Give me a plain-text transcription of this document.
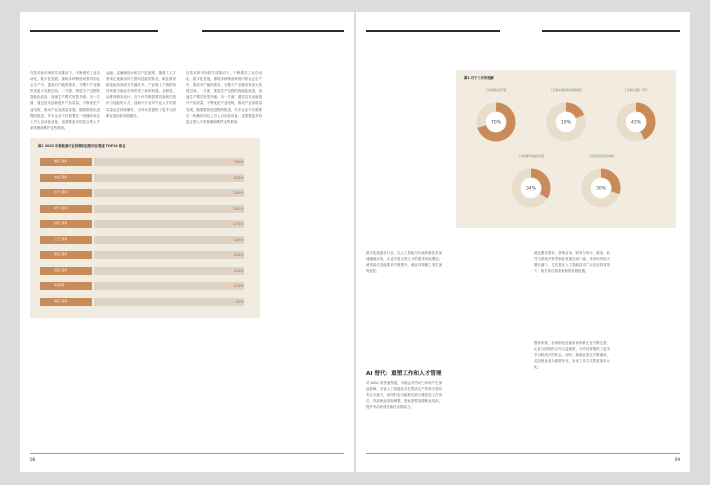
在技术和市场的共同推动下，不断增长工业自动化、数字化发展，重构多种制造场景内的社会生产中，提高对产能的需求，为整个产业链带来更大发展空间。一方面，推进生产过程的智能化改造，加速生产模式转型升级；另一方面，通过技术创新提升产品质量，不断优化产业结构，推动产业高质量发展。随着数智化进程的推进，许多企业不仅需要在一线操作岗位上引入自动化设备，也需要更多的复合型人才来管理和维护这些系统。
金融，以确保设计和生产匹配度。随着工人才需求正逐渐由体力型向技能型转变，职业教育和技能培训成为关键环节。产业链上下游的协同发展为就业市场带来了新的机遇，从制造、运维到研发设计，各个环节都需要具备相关知识与技能的人才，而新兴行业对专业人才的需求量也在持续攀升，为劳动者提供了更多元的职业选择和发展路径。
在技术和市场的共同推动下，不断增长工业自动化、数字化发展，重构多种制造场景内的社会生产中，提高对产能的需求，为整个产业链带来更大发展空间。一方面，推进生产过程的智能化改造，加速生产模式转型升级；另一方面，通过技术创新提升产品质量，不断优化产业结构，推动产业高质量发展。随着数智化进程的推进，许多企业不仅需要在一线操作岗位上引入自动化设备，也需要更多的复合型人才来管理和维护这些系统。
图1 2023 年新能源行业招聘职位数同比增速 TOP10 职业
储能工程师	738%
电池工程师	302%
光伏工程师	249%
电气工程师	201%
结构工程师	173%
工艺工程师	149%
测试工程师	132%
质量工程师	119%
项目经理	113%
销售工程师	97%
08
图2 对于工作的理解
70%
工作是谋生的手段
19%
工作是实现自我价值的途径
43%
工作是生活的一部分
34%
工作是提升技能的过程
30%
工作是社会责任的体现
数字化渗透各行业，以人工智能为代表的新技术加速落地应用，企业对复合型人才的需求持续增加，使得岗位技能要求不断提升，就业结构随之发生深刻变化。
就业服务需求，营销业务，财务与审计，税务、软件与系统开发等职业发展空间广阔，未来仍有较大增长潜力，尤其是在人工智能技术广泛应用的背景下，相关岗位将迎来新的发展机遇。
AI 替代：重塑工作和人才管理
对 AIGC 的快速发展，可能会对劳动力市场产生深远影响。尽管人工智能技术在提高生产效率方面具有巨大潜力，但同时也可能取代部分重复性工作岗位，导致就业结构调整，因此需要加强职业培训，提升劳动者适应新技术的能力。
整体来看，目前职业技能培训体系正在不断完善，企业与院校的合作日益紧密，为劳动者提供了更多学习和成长的机会。同时，新就业形态不断涌现，灵活就业成为重要补充，未来工作方式将更加多元化。
09
